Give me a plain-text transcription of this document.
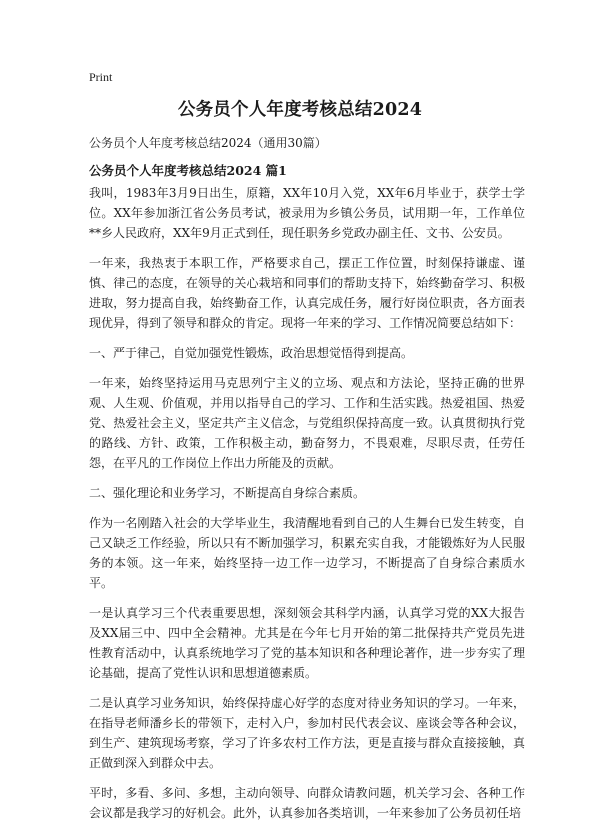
Print
公务员个人年度考核总结2024
公务员个人年度考核总结2024（通用30篇）
公务员个人年度考核总结2024 篇1

我叫，1983年3月9日出生，原籍，XX年10月入党，XX年6月毕业于，获学士学位。XX年参加浙江省公务员考试，被录用为乡镇公务员，试用期一年，工作单位**乡人民政府，XX年9月正式到任，现任职务乡党政办副主任、文书、公安员。

一年来，我热衷于本职工作，严格要求自己，摆正工作位置，时刻保持谦虚、谨慎、律己的态度，在领导的关心栽培和同事们的帮助支持下，始终勤奋学习、积极进取，努力提高自我，始终勤奋工作，认真完成任务，履行好岗位职责，各方面表现优异，得到了领导和群众的肯定。现将一年来的学习、工作情况简要总结如下：

一、严于律己，自觉加强党性锻炼，政治思想觉悟得到提高。

一年来，始终坚持运用马克思列宁主义的立场、观点和方法论，坚持正确的世界观、人生观、价值观，并用以指导自己的学习、工作和生活实践。热爱祖国、热爱党、热爱社会主义，坚定共产主义信念，与党组织保持高度一致。认真贯彻执行党的路线、方针、政策，工作积极主动，勤奋努力，不畏艰难，尽职尽责，任劳任怨，在平凡的工作岗位上作出力所能及的贡献。

二、强化理论和业务学习，不断提高自身综合素质。

作为一名刚踏入社会的大学毕业生，我清醒地看到自己的人生舞台已发生转变，自己又缺乏工作经验，所以只有不断加强学习，积累充实自我，才能锻炼好为人民服务的本领。这一年来，始终坚持一边工作一边学习，不断提高了自身综合素质水平。

一是认真学习三个代表重要思想，深刻领会其科学内涵，认真学习党的XX大报告及XX届三中、四中全会精神。尤其是在今年七月开始的第二批保持共产党员先进性教育活动中，认真系统地学习了党的基本知识和各种理论著作，进一步夯实了理论基础，提高了党性认识和思想道德素质。

二是认真学习业务知识，始终保持虚心好学的态度对待业务知识的学习。一年来，在指导老师潘乡长的带领下，走村入户，参加村民代表会议、座谈会等各种会议，到生产、建筑现场考察，学习了许多农村工作方法，更是直接与群众直接接触，真正做到深入到群众中去。

平时，多看、多问、多想，主动向领导、向群众请教问题，机关学习会、各种工作会议都是我学习的好机会。此外，认真参加各类培训，一年来参加了公务员初任培
